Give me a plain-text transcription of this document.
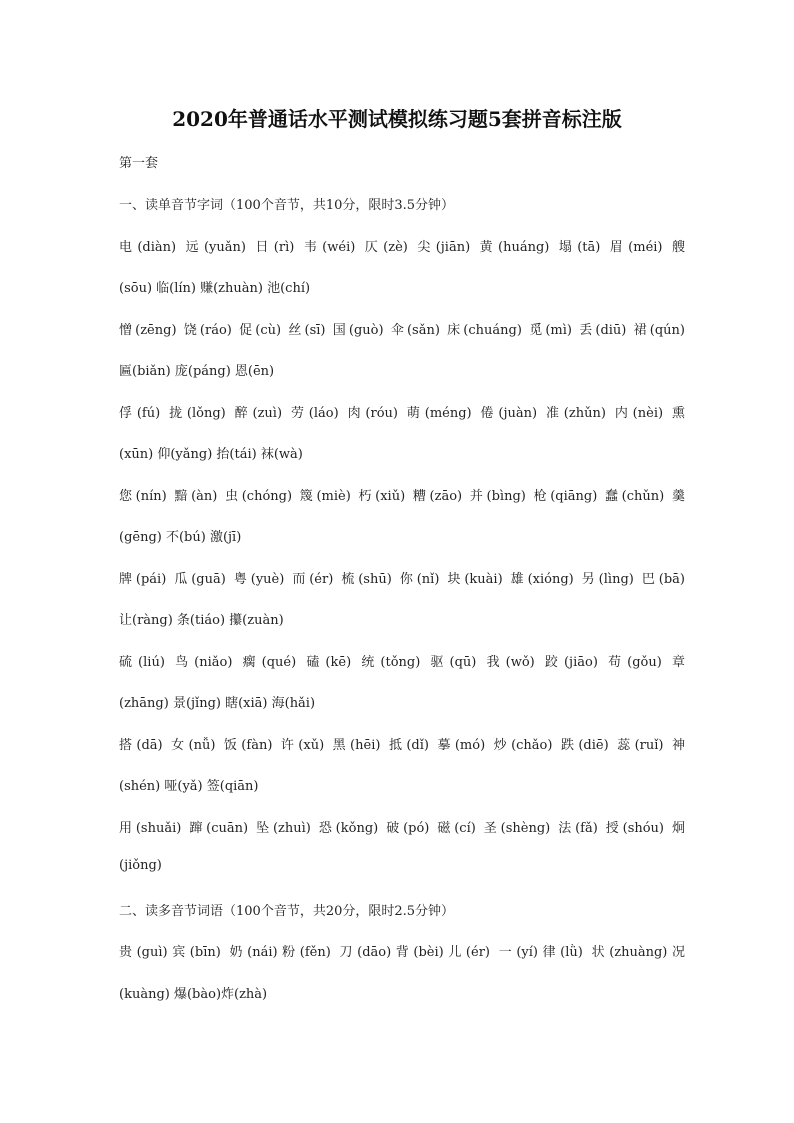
2020年普通话水平测试模拟练习题5套拼音标注版
第一套
一、读单音节字词（100个音节，共10分，限时3.5分钟）
电(diàn) 远(yuǎn) 日(rì) 韦(wéi) 仄(zè) 尖(jiān) 黄(huáng) 塌(tā) 眉(méi) 艘
(sōu) 临(lín) 赚(zhuàn) 池(chí)
憎(zēng) 饶(ráo) 促(cù) 丝(sī) 国(guò) 伞(sǎn) 床(chuáng) 觅(mì) 丢(diū) 裙(qún)
匾(biǎn) 庞(páng) 恩(ēn)
俘(fú) 拢(lǒng) 醉(zuì) 劳(láo) 肉(róu) 萌(méng) 倦(juàn) 准(zhǔn) 内(nèi) 熏
(xūn) 仰(yǎng) 抬(tái) 袜(wà)
您(nín) 黯(àn) 虫(chóng) 篾(miè) 朽(xiǔ) 糟(zāo) 并(bìng) 枪(qiāng) 蠢(chǔn) 羹
(gēng) 不(bú) 激(jī)
牌(pái) 瓜(guā) 粤(yuè) 而(ér) 梳(shū) 你(nǐ) 块(kuài) 雄(xióng) 另(lìng) 巴(bā)
让(ràng) 条(tiáo) 攥(zuàn)
硫(liú) 鸟(niǎo) 瘸(qué) 磕(kē) 统(tǒng) 驱(qū) 我(wǒ) 跤(jiāo) 苟(gǒu) 章
(zhāng) 景(jǐng) 瞎(xiā) 海(hǎi)
搭(dā) 女(nǚ) 饭(fàn) 许(xǔ) 黑(hēi) 抵(dǐ) 摹(mó) 炒(chǎo) 跌(diē) 蕊(ruǐ) 神
(shén) 哑(yǎ) 签(qiān)
用(shuǎi) 蹿(cuān) 坠(zhuì) 恐(kǒng) 破(pó) 磁(cí) 圣(shèng) 法(fǎ) 授(shóu) 炯
(jiǒng)
二、读多音节词语（100个音节，共20分，限时2.5分钟）
贵(guì)宾(bīn) 奶(nái)粉(fěn) 刀(dāo)背(bèi)儿(ér) 一(yí)律(lǜ) 状(zhuàng)况
(kuàng) 爆(bào)炸(zhà)
